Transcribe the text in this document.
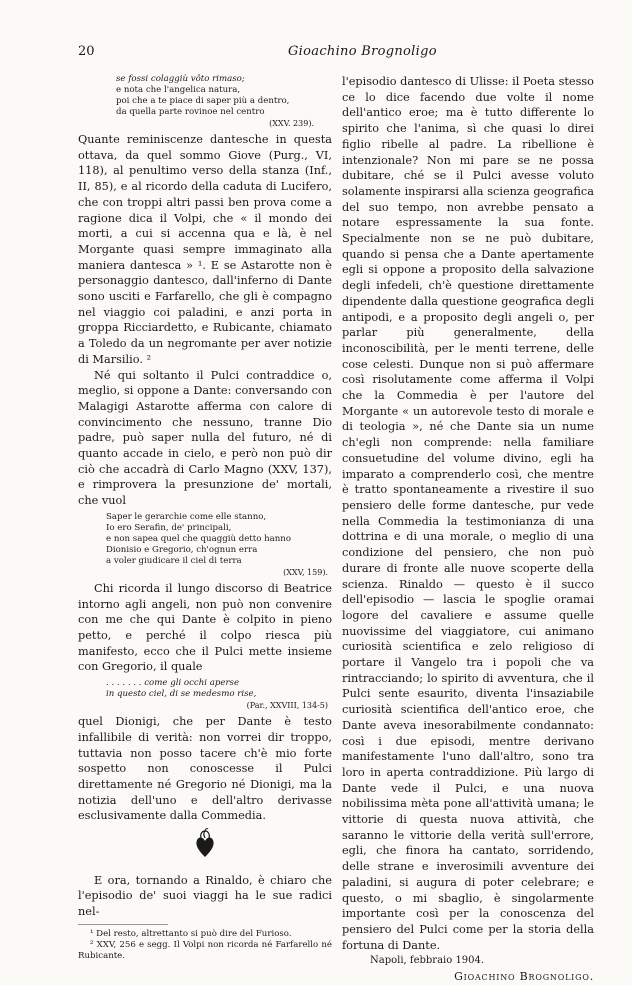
20	Gioachino Brognoligo
se fossi colaggiù vôto rimaso;
e nota che l'angelica natura,
poi che a te piace di saper più a dentro,
da quella parte rovinoe nel centro
(XXV. 239).

Quante reminiscenze dantesche in questa ottava, da quel sommo Giove (Purg., VI, 118), al penultimo verso della stanza (Inf., II, 85), e al ricordo della caduta di Lucifero, che con troppi altri passi ben prova come a ragione dica il Volpi, che « il mondo dei morti, a cui si accenna qua e là, è nel Morgante quasi sempre immaginato alla maniera dantesca » ¹. E se Astarotte non è personaggio dantesco, dall'inferno di Dante sono usciti e Farfarello, che gli è compagno nel viaggio coi paladini, e anzi porta in groppa Ricciardetto, e Rubicante, chiamato a Toledo da un negromante per aver notizie di Marsilio. ²

Né qui soltanto il Pulci contraddice o, meglio, si oppone a Dante: conversando con Malagigi Astarotte afferma con calore di convincimento che nessuno, tranne Dio padre, può saper nulla del futuro, né di quanto accade in cielo, e però non può dir ciò che accadrà di Carlo Magno (XXV, 137), e rimprovera la presunzione de' mortali, che vuol

Saper le gerarchie come elle stanno,
Io ero Serafin, de' principali,
e non sapea quel che quaggiù detto hanno
Dionisio e Gregorio, ch'ognun erra
a voler giudicare il ciel di terra
(XXV, 159).

Chi ricorda il lungo discorso di Beatrice intorno agli angeli, non può non convenire con me che qui Dante è colpito in pieno petto, e perché il colpo riesca più manifesto, ecco che il Pulci mette insieme con Gregorio, il quale

. . . . . . . come gli occhi aperse
in questo ciel, di se medesmo rise,
(Par., XXVIII, 134-5)

quel Dionigi, che per Dante è testo infallibile di verità: non vorrei dir troppo, tuttavia non posso tacere ch'è mio forte sospetto non conoscesse il Pulci direttamente né Gregorio né Dionigi, ma la notizia dell'uno e dell'altro derivasse esclusivamente dalla Commedia.

E ora, tornando a Rinaldo, è chiaro che l'episodio de' suoi viaggi ha le sue radici nel-

¹ Del resto, altrettanto si può dire del Furioso.

² XXV, 256 e segg. Il Volpi non ricorda né Farfarello né Rubicante.

l'episodio dantesco di Ulisse: il Poeta stesso ce lo dice facendo due volte il nome dell'antico eroe; ma è tutto differente lo spirito che l'anima, sì che quasi lo direi figlio ribelle al padre. La ribellione è intenzionale? Non mi pare se ne possa dubitare, ché se il Pulci avesse voluto solamente inspirarsi alla scienza geografica del suo tempo, non avrebbe pensato a notare espressamente la sua fonte. Specialmente non se ne può dubitare, quando si pensa che a Dante apertamente egli si oppone a proposito della salvazione degli infedeli, ch'è questione direttamente dipendente dalla questione geografica degli antipodi, e a proposito degli angeli o, per parlar più generalmente, della inconoscibilità, per le menti terrene, delle cose celesti. Dunque non si può affermare così risolutamente come afferma il Volpi che la Commedia è per l'autore del Morgante « un autorevole testo di morale e di teologia », né che Dante sia un nume ch'egli non comprende: nella familiare consuetudine del volume divino, egli ha imparato a comprenderlo così, che mentre è tratto spontaneamente a rivestire il suo pensiero delle forme dantesche, pur vede nella Commedia la testimonianza di una dottrina e di una morale, o meglio di una condizione del pensiero, che non può durare di fronte alle nuove scoperte della scienza. Rinaldo — questo è il succo dell'episodio — lascia le spoglie oramai logore del cavaliere e assume quelle nuovissime del viaggiatore, cui animano curiosità scientifica e zelo religioso di portare il Vangelo tra i popoli che va rintracciando; lo spirito di avventura, che il Pulci sente esaurito, diventa l'insaziabile curiosità scientifica dell'antico eroe, che Dante aveva inesorabilmente condannato: così i due episodi, mentre derivano manifestamente l'uno dall'altro, sono tra loro in aperta contraddizione. Più largo di Dante vede il Pulci, e una nuova nobilissima mèta pone all'attività umana; le vittorie di questa nuova attività, che saranno le vittorie della verità sull'errore, egli, che finora ha cantato, sorridendo, delle strane e inverosimili avventure dei paladini, si augura di poter celebrare; e questo, o mi sbaglio, è singolarmente importante così per la conoscenza del pensiero del Pulci come per la storia della fortuna di Dante.

Napoli, febbraio 1904.

Gioachino Brognoligo.
